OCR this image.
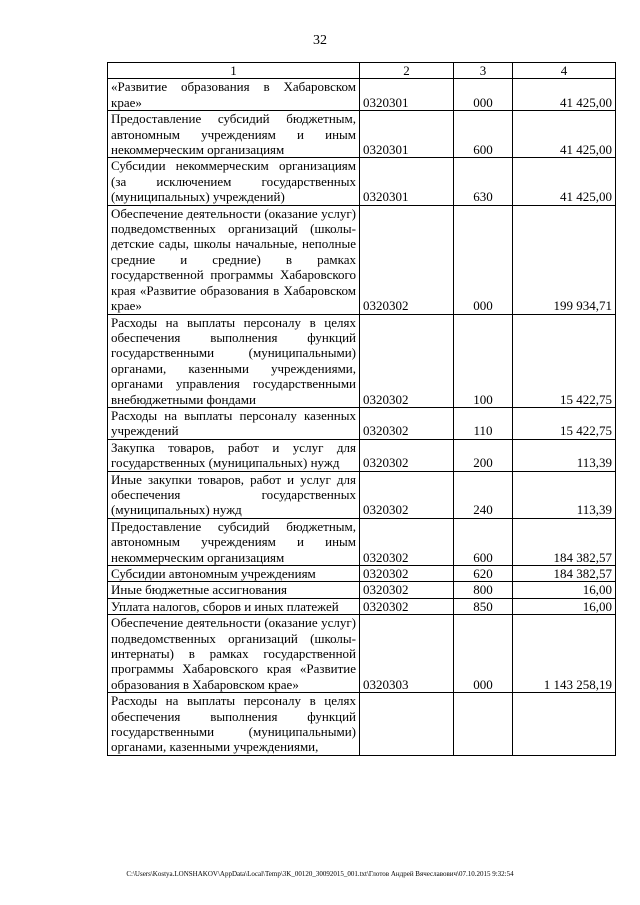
32
1	2	3	4
«Развитие образования в Хабаровском крае»	0320301	000	41 425,00
Предоставление субсидий бюджетным, автономным учреждениям и иным некоммерческим организациям	0320301	600	41 425,00
Субсидии некоммерческим организациям (за исключением государственных (муниципальных) учреждений)	0320301	630	41 425,00
Обеспечение деятельности (оказание услуг) подведомственных организаций (школы-детские сады, школы начальные, неполные средние и средние) в рамках государственной программы Хабаровского края «Развитие образования в Хабаровском крае»	0320302	000	199 934,71
Расходы на выплаты персоналу в целях обеспечения выполнения функций государственными (муниципальными) органами, казенными учреждениями, органами управления государственными внебюджетными фондами	0320302	100	15 422,75
Расходы на выплаты персоналу казенных учреждений	0320302	110	15 422,75
Закупка товаров, работ и услуг для государственных (муниципальных) нужд	0320302	200	113,39
Иные закупки товаров, работ и услуг для обеспечения государственных (муниципальных) нужд	0320302	240	113,39
Предоставление субсидий бюджетным, автономным учреждениям и иным некоммерческим организациям	0320302	600	184 382,57
Субсидии автономным учреждениям	0320302	620	184 382,57
Иные бюджетные ассигнования	0320302	800	16,00
Уплата налогов, сборов и иных платежей	0320302	850	16,00
Обеспечение деятельности (оказание услуг) подведомственных организаций (школы-интернаты) в рамках государственной программы Хабаровского края «Развитие образования в Хабаровском крае»	0320303	000	1 143 258,19
Расходы на выплаты персоналу в целях обеспечения выполнения функций государственными (муниципальными) органами, казенными учреждениями,			
C:\Users\Kostya.LONSHAKOV\AppData\Local\Temp\3K_00120_30092015_001.txt\Глотов Андрей Вячеславович\07.10.2015 9:32:54
